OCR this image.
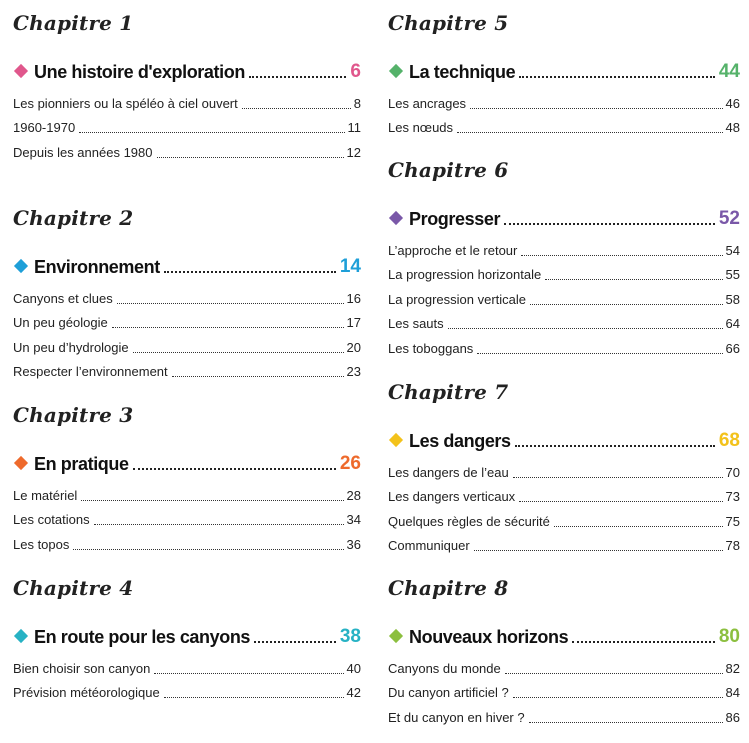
Chapitre 1
Une histoire d'exploration	6
Les pionniers ou la spéléo à ciel ouvert	8
1960-1970	11
Depuis les années 1980	12
Chapitre 2
Environnement	14
Canyons et clues	16
Un peu géologie	17
Un peu d’hydrologie	20
Respecter l’environnement	23
Chapitre 3
En pratique	26
Le matériel	28
Les cotations	34
Les topos	36
Chapitre 4
En route pour les canyons	38
Bien choisir son canyon	40
Prévision météorologique	42
Chapitre 5
La technique	44
Les ancrages	46
Les nœuds	48
Chapitre 6
Progresser	52
L’approche et le retour	54
La progression horizontale	55
La progression verticale	58
Les sauts	64
Les toboggans	66
Chapitre 7
Les dangers	68
Les dangers de l’eau	70
Les dangers verticaux	73
Quelques règles de sécurité	75
Communiquer	78
Chapitre 8
Nouveaux horizons	80
Canyons du monde	82
Du canyon artificiel ?	84
Et du canyon en hiver ?	86
